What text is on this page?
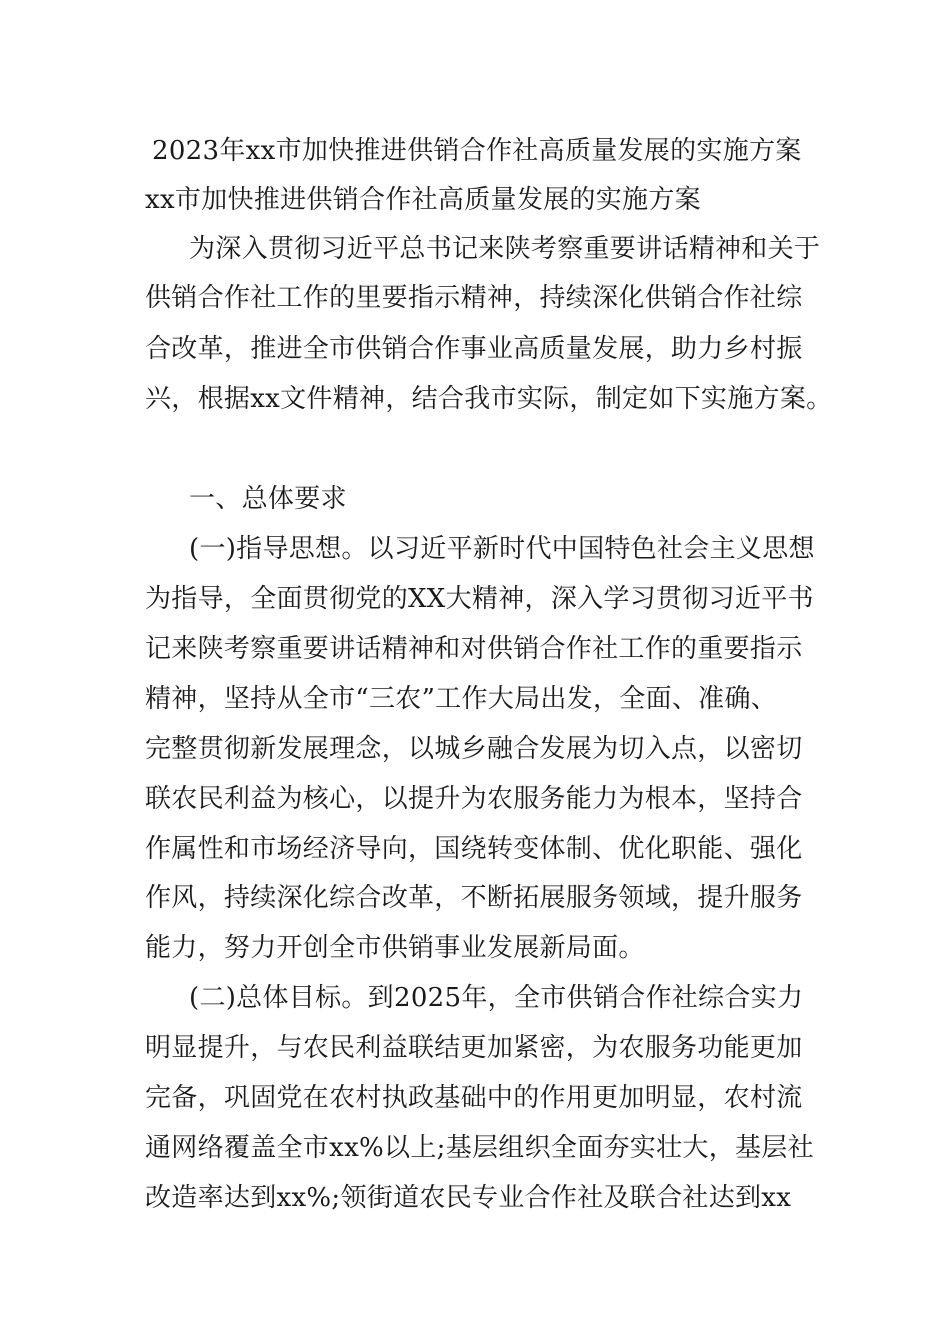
2023年xx市加快推进供销合作社高质量发展的实施方案
xx市加快推进供销合作社高质量发展的实施方案
为深入贯彻习近平总书记来陕考察重要讲话精神和关于
供销合作社工作的里要指示精神，持续深化供销合作社综
合改革，推进全市供销合作事业高质量发展，助力乡村振
兴，根据xx文件精神，结合我市实际，制定如下实施方案。
一、总体要求
(一)指导思想。以习近平新时代中国特色社会主义思想
为指导，全面贯彻党的XX大精神，深入学习贯彻习近平书
记来陕考察重要讲话精神和对供销合作社工作的重要指示
精神，坚持从全市“三农”工作大局出发，全面、准确、
完整贯彻新发展理念，以城乡融合发展为切入点，以密切
联农民利益为核心，以提升为农服务能力为根本，坚持合
作属性和市场经济导向，国绕转变体制、优化职能、强化
作风，持续深化综合改革，不断拓展服务领域，提升服务
能力，努力开创全市供销事业发展新局面。
(二)总体目标。到2025年，全市供销合作社综合实力
明显提升，与农民利益联结更加紧密，为农服务功能更加
完备，巩固党在农村执政基础中的作用更加明显，农村流
通网络覆盖全市xx%以上;基层组织全面夯实壮大，基层社
改造率达到xx%;领街道农民专业合作社及联合社达到xx
